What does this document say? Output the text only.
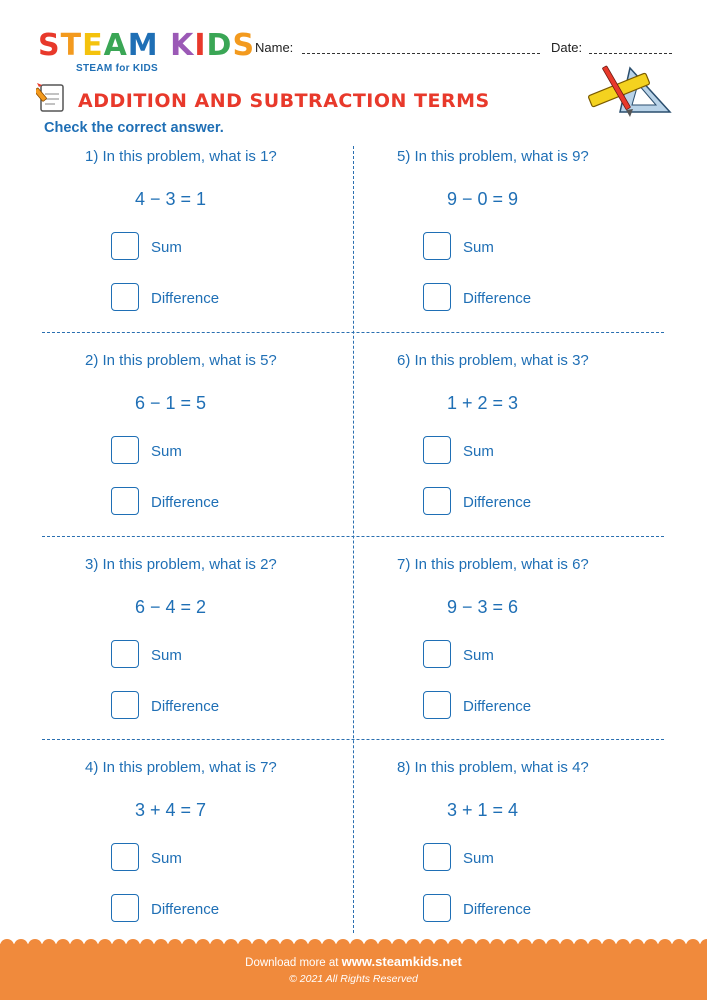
STEAM KIDS
STEAM for KIDS
Name:	Date:
ADDITION AND SUBTRACTION TERMS
Check the correct answer.
1) In this problem, what is 1?
4 − 3 = 1
Sum
Difference
2) In this problem, what is 5?
6 − 1 = 5
Sum
Difference
3) In this problem, what is 2?
6 − 4 = 2
Sum
Difference
4) In this problem, what is 7?
3 + 4 = 7
Sum
Difference
5) In this problem, what is 9?
9 − 0 = 9
Sum
Difference
6) In this problem, what is 3?
1 + 2 = 3
Sum
Difference
7) In this problem, what is 6?
9 − 3 = 6
Sum
Difference
8) In this problem, what is 4?
3 + 1 = 4
Sum
Difference
Download more at www.steamkids.net
© 2021 All Rights Reserved
